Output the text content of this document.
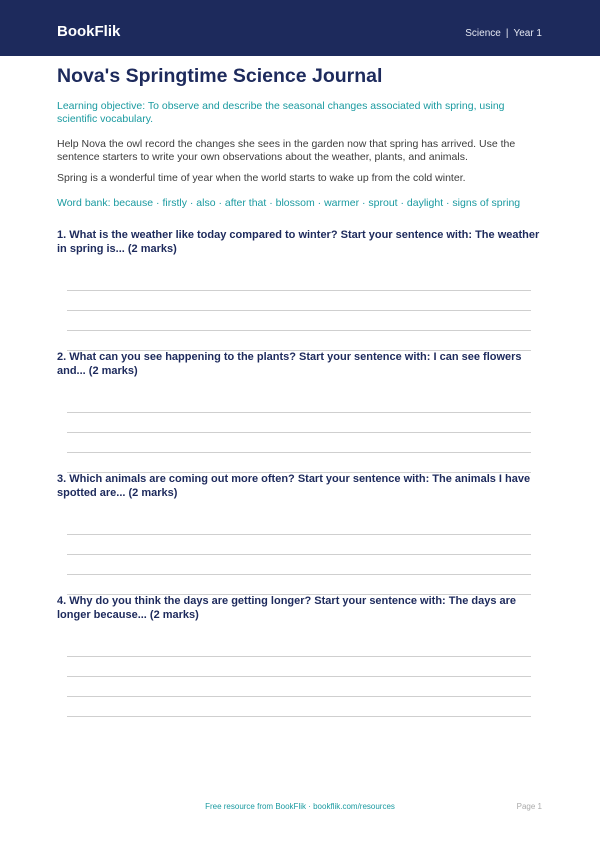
BookFlik	Science | Year 1
Nova's Springtime Science Journal
Learning objective: To observe and describe the seasonal changes associated with spring, using scientific vocabulary.
Help Nova the owl record the changes she sees in the garden now that spring has arrived. Use the sentence starters to write your own observations about the weather, plants, and animals.
Spring is a wonderful time of year when the world starts to wake up from the cold winter.
Word bank: because · firstly · also · after that · blossom · warmer · sprout · daylight · signs of spring
1. What is the weather like today compared to winter? Start your sentence with: The weather in spring is... (2 marks)
2. What can you see happening to the plants? Start your sentence with: I can see flowers and... (2 marks)
3. Which animals are coming out more often? Start your sentence with: The animals I have spotted are... (2 marks)
4. Why do you think the days are getting longer? Start your sentence with: The days are longer because... (2 marks)
Free resource from BookFlik · bookflik.com/resources	Page 1
